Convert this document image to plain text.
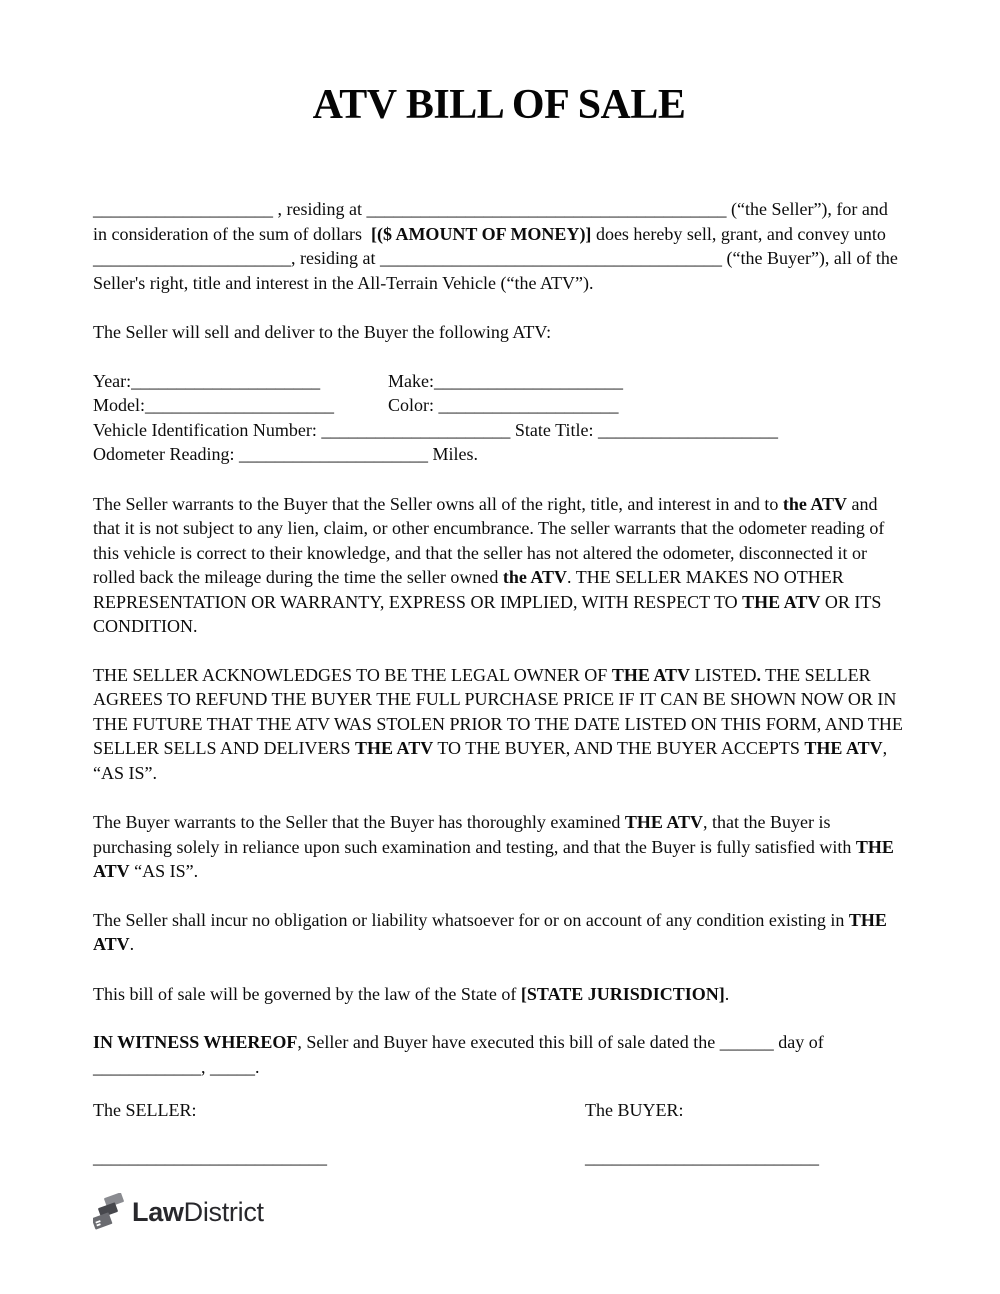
ATV BILL OF SALE

____________________ , residing at ________________________________________ (“the Seller”), for and in consideration of the sum of dollars  [($ AMOUNT OF MONEY)] does hereby sell, grant, and convey unto ______________________, residing at ______________________________________ (“the Buyer”), all of the Seller's right, title and interest in the All-Terrain Vehicle (“the ATV”).

The Seller will sell and deliver to the Buyer the following ATV:

Year:_____________________	Make:_____________________
Model:_____________________	Color: ____________________
Vehicle Identification Number: _____________________ State Title: ____________________
Odometer Reading: _____________________ Miles.

The Seller warrants to the Buyer that the Seller owns all of the right, title, and interest in and to the ATV and that it is not subject to any lien, claim, or other encumbrance. The seller warrants that the odometer reading of this vehicle is correct to their knowledge, and that the seller has not altered the odometer, disconnected it or rolled back the mileage during the time the seller owned the ATV. THE SELLER MAKES NO OTHER REPRESENTATION OR WARRANTY, EXPRESS OR IMPLIED, WITH RESPECT TO THE ATV OR ITS CONDITION.

THE SELLER ACKNOWLEDGES TO BE THE LEGAL OWNER OF THE ATV LISTED. THE SELLER AGREES TO REFUND THE BUYER THE FULL PURCHASE PRICE IF IT CAN BE SHOWN NOW OR IN THE FUTURE THAT THE ATV WAS STOLEN PRIOR TO THE DATE LISTED ON THIS FORM, AND THE SELLER SELLS AND DELIVERS THE ATV TO THE BUYER, AND THE BUYER ACCEPTS THE ATV, “AS IS”.

The Buyer warrants to the Seller that the Buyer has thoroughly examined THE ATV, that the Buyer is purchasing solely in reliance upon such examination and testing, and that the Buyer is fully satisfied with THE ATV “AS IS”.

The Seller shall incur no obligation or liability whatsoever for or on account of any condition existing in THE ATV.

This bill of sale will be governed by the law of the State of [STATE JURISDICTION].

IN WITNESS WHEREOF, Seller and Buyer have executed this bill of sale dated the ______ day of ____________, _____.

The SELLER:
__________________________
The BUYER:
__________________________
LawDistrict
